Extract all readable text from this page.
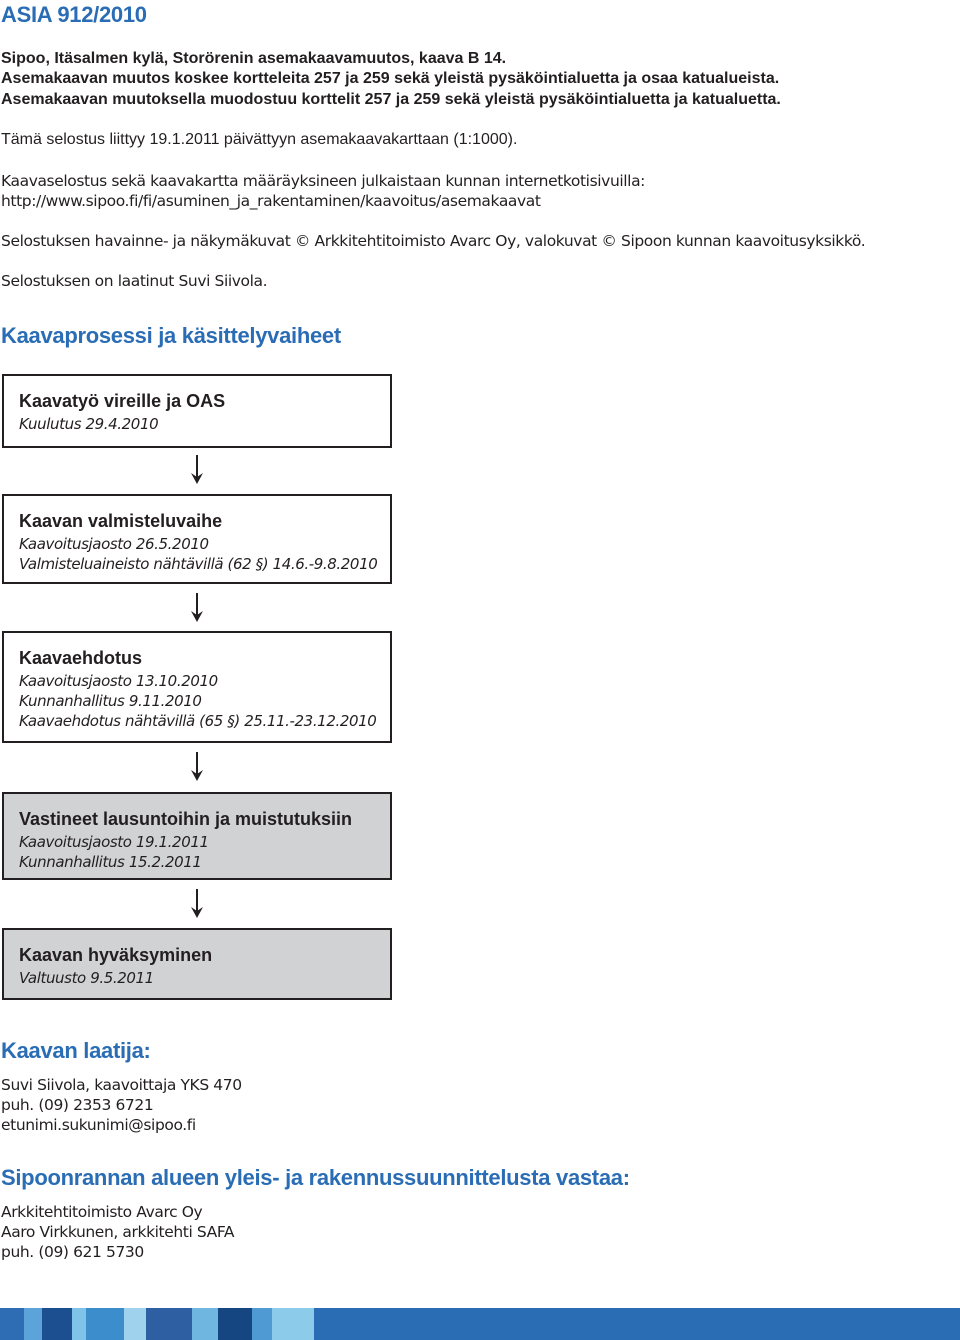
ASIA 912/2010
Sipoo, Itäsalmen kylä, Storörenin asemakaavamuutos, kaava B 14.
Asemakaavan muutos koskee kortteleita 257 ja 259 sekä yleistä pysäköintialuetta ja osaa katualueista.
Asemakaavan muutoksella muodostuu korttelit 257 ja 259 sekä yleistä pysäköintialuetta ja katualuetta.
Tämä selostus liittyy 19.1.2011 päivättyyn asemakaavakarttaan (1:1000).
Kaavaselostus sekä kaavakartta määräyksineen julkaistaan kunnan internetkotisivuilla:
http://www.sipoo.fi/fi/asuminen_ja_rakentaminen/kaavoitus/asemakaavat
Selostuksen havainne- ja näkymäkuvat © Arkkitehtitoimisto Avarc Oy, valokuvat © Sipoon kunnan kaavoitusyksikkö.
Selostuksen on laatinut Suvi Siivola.
Kaavaprosessi ja käsittelyvaiheet
Kaavatyö vireille ja OAS
Kuulutus 29.4.2010
Kaavan valmisteluvaihe
Kaavoitusjaosto 26.5.2010
Valmisteluaineisto nähtävillä (62 §) 14.6.-9.8.2010
Kaavaehdotus
Kaavoitusjaosto 13.10.2010
Kunnanhallitus 9.11.2010
Kaavaehdotus nähtävillä (65 §) 25.11.-23.12.2010
Vastineet lausuntoihin ja muistutuksiin
Kaavoitusjaosto 19.1.2011
Kunnanhallitus 15.2.2011
Kaavan hyväksyminen
Valtuusto 9.5.2011
Kaavan laatija:
Suvi Siivola, kaavoittaja YKS 470
puh. (09) 2353 6721
etunimi.sukunimi@sipoo.fi
Sipoonrannan alueen yleis- ja rakennussuunnittelusta vastaa:
Arkkitehtitoimisto Avarc Oy
Aaro Virkkunen, arkkitehti SAFA
puh. (09) 621 5730
